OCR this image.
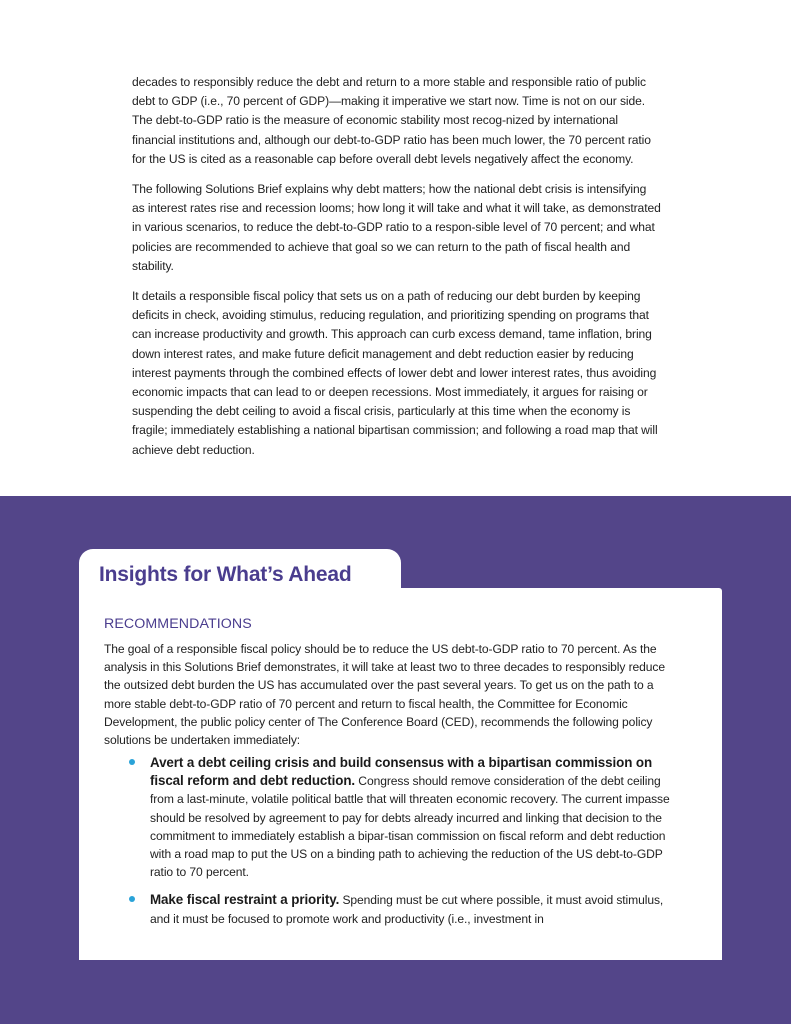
decades to responsibly reduce the debt and return to a more stable and responsible ratio of public debt to GDP (i.e., 70 percent of GDP)—making it imperative we start now. Time is not on our side. The debt-to-GDP ratio is the measure of economic stability most recog-nized by international financial institutions and, although our debt-to-GDP ratio has been much lower, the 70 percent ratio for the US is cited as a reasonable cap before overall debt levels negatively affect the economy.

The following Solutions Brief explains why debt matters; how the national debt crisis is intensifying as interest rates rise and recession looms; how long it will take and what it will take, as demonstrated in various scenarios, to reduce the debt-to-GDP ratio to a respon-sible level of 70 percent; and what policies are recommended to achieve that goal so we can return to the path of fiscal health and stability.

It details a responsible fiscal policy that sets us on a path of reducing our debt burden by keeping deficits in check, avoiding stimulus, reducing regulation, and prioritizing spending on programs that can increase productivity and growth. This approach can curb excess demand, tame inflation, bring down interest rates, and make future deficit management and debt reduction easier by reducing interest payments through the combined effects of lower debt and lower interest rates, thus avoiding economic impacts that can lead to or deepen recessions. Most immediately, it argues for raising or suspending the debt ceiling to avoid a fiscal crisis, particularly at this time when the economy is fragile; immediately establishing a national bipartisan commission; and following a road map that will achieve debt reduction.

Insights for What’s Ahead
RECOMMENDATIONS

The goal of a responsible fiscal policy should be to reduce the US debt-to-GDP ratio to 70 percent. As the analysis in this Solutions Brief demonstrates, it will take at least two to three decades to responsibly reduce the outsized debt burden the US has accumulated over the past several years. To get us on the path to a more stable debt-to-GDP ratio of 70 percent and return to fiscal health, the Committee for Economic Development, the public policy center of The Conference Board (CED), recommends the following policy solutions be undertaken immediately:

Avert a debt ceiling crisis and build consensus with a bipartisan commission on fiscal reform and debt reduction. Congress should remove consideration of the debt ceiling from a last-minute, volatile political battle that will threaten economic recovery. The current impasse should be resolved by agreement to pay for debts already incurred and linking that decision to the commitment to immediately establish a bipar-tisan commission on fiscal reform and debt reduction with a road map to put the US on a binding path to achieving the reduction of the US debt-to-GDP ratio to 70 percent.
Make fiscal restraint a priority. Spending must be cut where possible, it must avoid stimulus, and it must be focused to promote work and productivity (i.e., investment in
